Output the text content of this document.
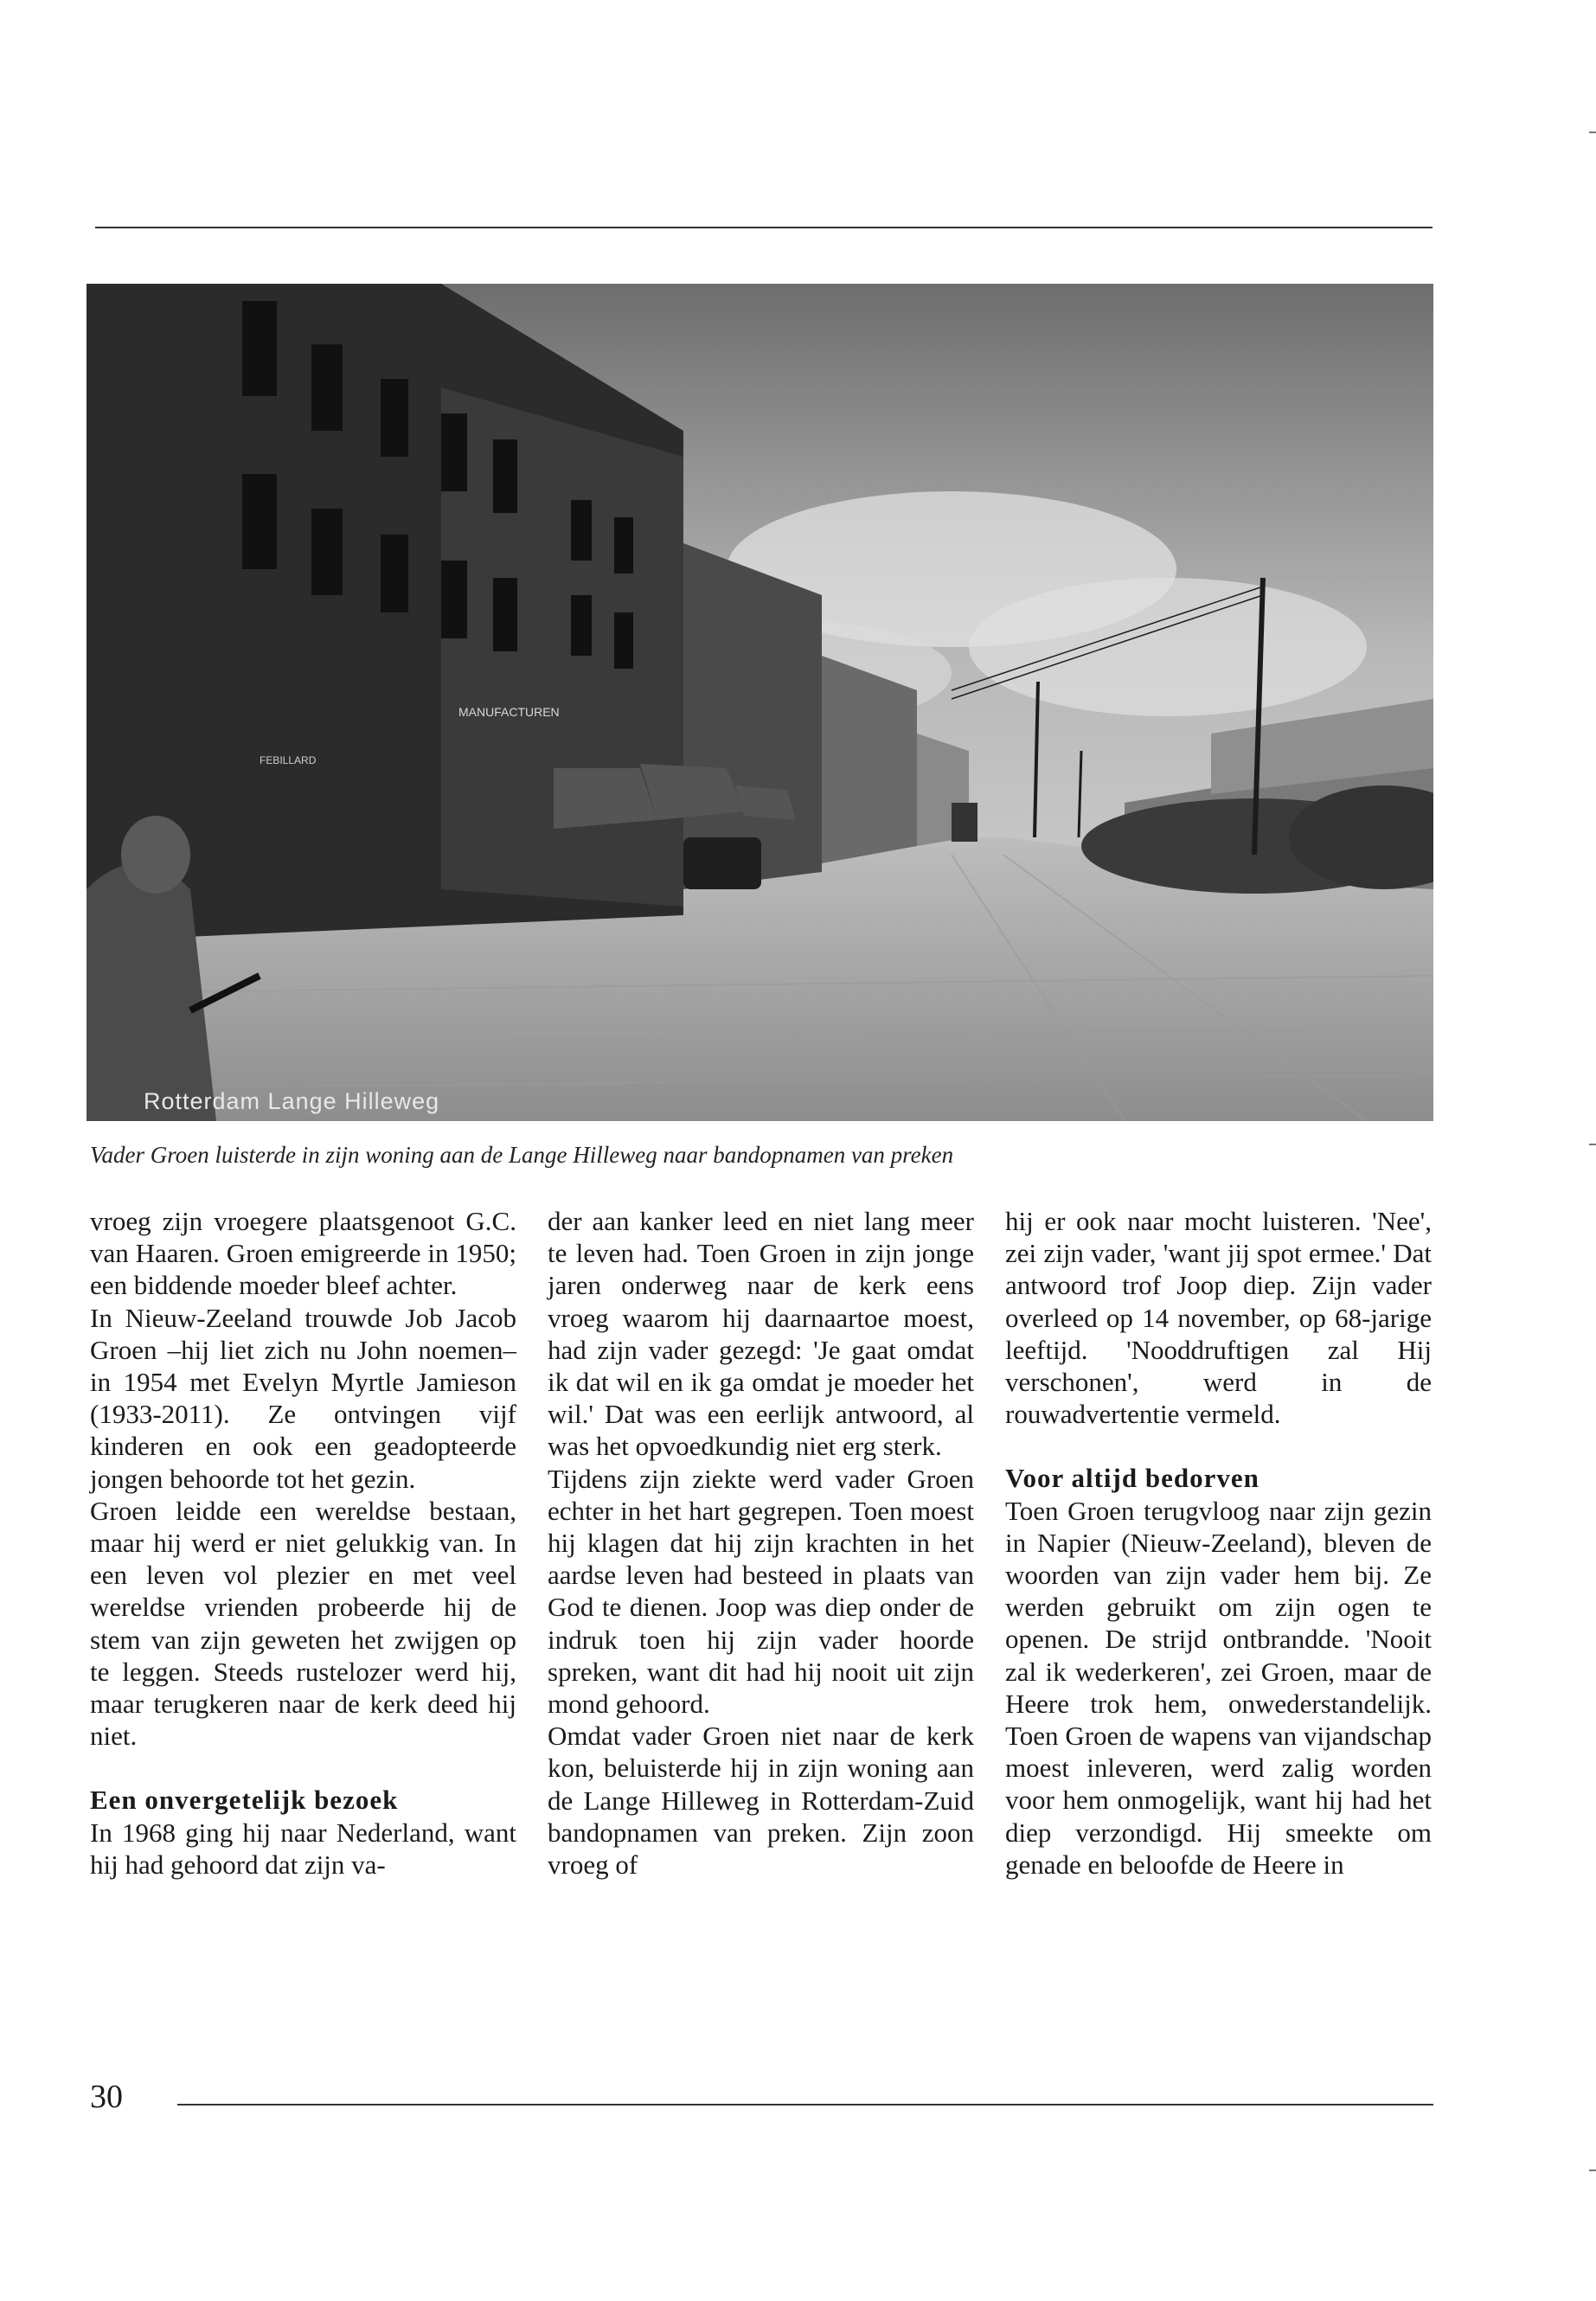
MANUFACTUREN
FEBILLARD
Rotterdam Lange Hilleweg
Vader Groen luisterde in zijn woning aan de Lange Hilleweg naar bandopnamen van preken

vroeg zijn vroegere plaatsgenoot G.C. van Haaren. Groen emigreerde in 1950; een biddende moeder bleef achter.

In Nieuw-Zeeland trouwde Job Jacob Groen –hij liet zich nu John noemen– in 1954 met Evelyn Myrtle Jamieson (1933-2011). Ze ontvingen vijf kinderen en ook een geadopteerde jongen behoorde tot het gezin.

Groen leidde een wereldse bestaan, maar hij werd er niet gelukkig van. In een leven vol plezier en met veel wereldse vrienden probeerde hij de stem van zijn geweten het zwijgen op te leggen. Steeds rustelozer werd hij, maar terugkeren naar de kerk deed hij niet.

Een onvergetelijk bezoek

In 1968 ging hij naar Nederland, want hij had gehoord dat zijn va-

der aan kanker leed en niet lang meer te leven had. Toen Groen in zijn jonge jaren onderweg naar de kerk eens vroeg waarom hij daarnaartoe moest, had zijn vader gezegd: 'Je gaat omdat ik dat wil en ik ga omdat je moeder het wil.' Dat was een eerlijk antwoord, al was het opvoedkundig niet erg sterk.

Tijdens zijn ziekte werd vader Groen echter in het hart gegrepen. Toen moest hij klagen dat hij zijn krachten in het aardse leven had besteed in plaats van God te dienen. Joop was diep onder de indruk toen hij zijn vader hoorde spreken, want dit had hij nooit uit zijn mond gehoord.

Omdat vader Groen niet naar de kerk kon, beluisterde hij in zijn woning aan de Lange Hilleweg in Rotterdam-Zuid bandopnamen van preken. Zijn zoon vroeg of

hij er ook naar mocht luisteren. 'Nee', zei zijn vader, 'want jij spot ermee.' Dat antwoord trof Joop diep. Zijn vader overleed op 14 november, op 68-jarige leeftijd. 'Nooddruftigen zal Hij verschonen', werd in de rouwadvertentie vermeld.

Voor altijd bedorven

Toen Groen terugvloog naar zijn gezin in Napier (Nieuw-Zeeland), bleven de woorden van zijn vader hem bij. Ze werden gebruikt om zijn ogen te openen. De strijd ontbrandde. 'Nooit zal ik wederkeren', zei Groen, maar de Heere trok hem, onwederstandelijk. Toen Groen de wapens van vijandschap moest inleveren, werd zalig worden voor hem onmogelijk, want hij had het diep verzondigd. Hij smeekte om genade en beloofde de Heere in

30
